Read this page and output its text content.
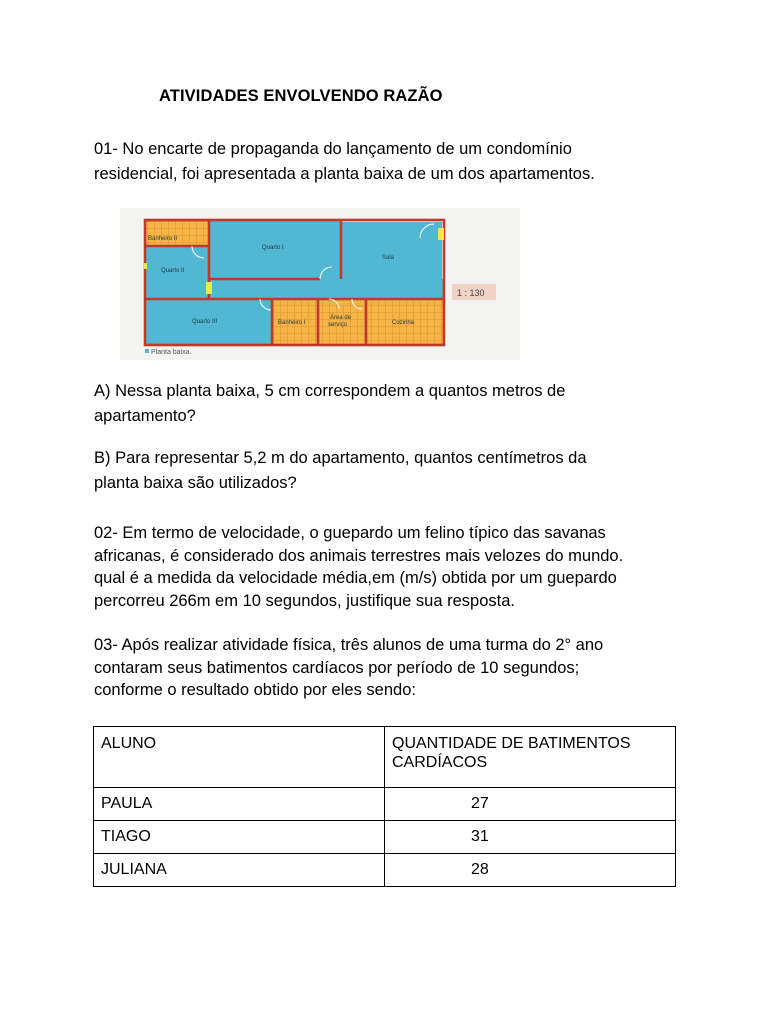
ATIVIDADES ENVOLVENDO RAZÃO
01- No encarte de propaganda do lançamento de um condomínio
residencial, foi apresentada a planta baixa de um dos apartamentos.
Banheiro II
Quarto I
Sala
Quarto II
Quarto III	Banheiro I
Área de
serviço	Cozinha
1 : 130
Planta baixa.
A) Nessa planta baixa, 5 cm correspondem a quantos metros de
apartamento?
B) Para representar 5,2 m do apartamento, quantos centímetros da
planta baixa são utilizados?
02- Em termo de velocidade, o guepardo um felino típico das savanas
africanas, é considerado dos animais terrestres mais velozes do mundo.
qual é a medida da velocidade média,em (m/s) obtida por um guepardo
percorreu 266m em 10 segundos, justifique sua resposta.
03- Após realizar atividade física, três alunos de uma turma do 2° ano
contaram seus batimentos cardíacos por período de 10 segundos;
conforme o resultado obtido por eles sendo:
ALUNO	QUANTIDADE DE BATIMENTOS
CARDÍACOS

PAULA	27
TIAGO	31
JULIANA	28
